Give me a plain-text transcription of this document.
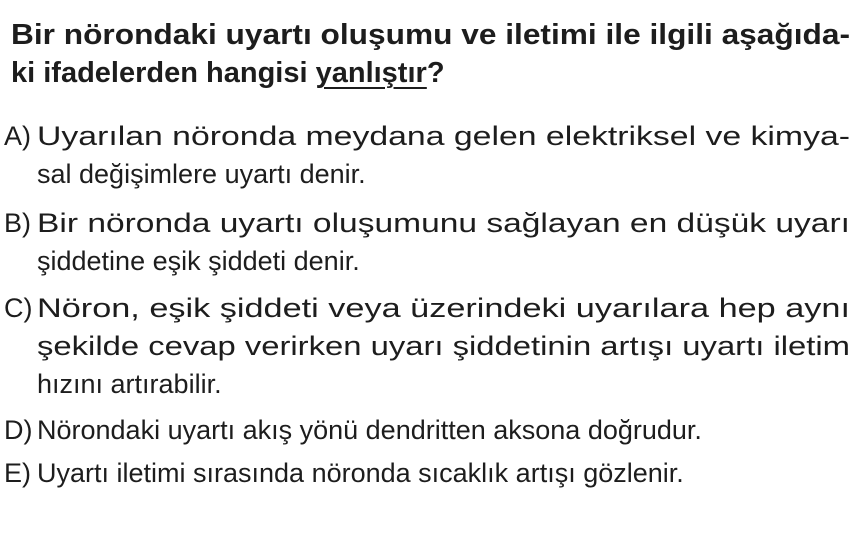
Bir nörondaki uyartı oluşumu ve iletimi ile ilgili aşağıda-
ki ifadelerden hangisi yanlıştır?
A) Uyarılan nöronda meydana gelen elektriksel ve kimya-
sal değişimlere uyartı denir.
B) Bir nöronda uyartı oluşumunu sağlayan en düşük uyarı
şiddetine eşik şiddeti denir.
C) Nöron, eşik şiddeti veya üzerindeki uyarılara hep aynı
şekilde cevap verirken uyarı şiddetinin artışı uyartı iletim
hızını artırabilir.
D) Nörondaki uyartı akış yönü dendritten aksona doğrudur.
E) Uyartı iletimi sırasında nöronda sıcaklık artışı gözlenir.
